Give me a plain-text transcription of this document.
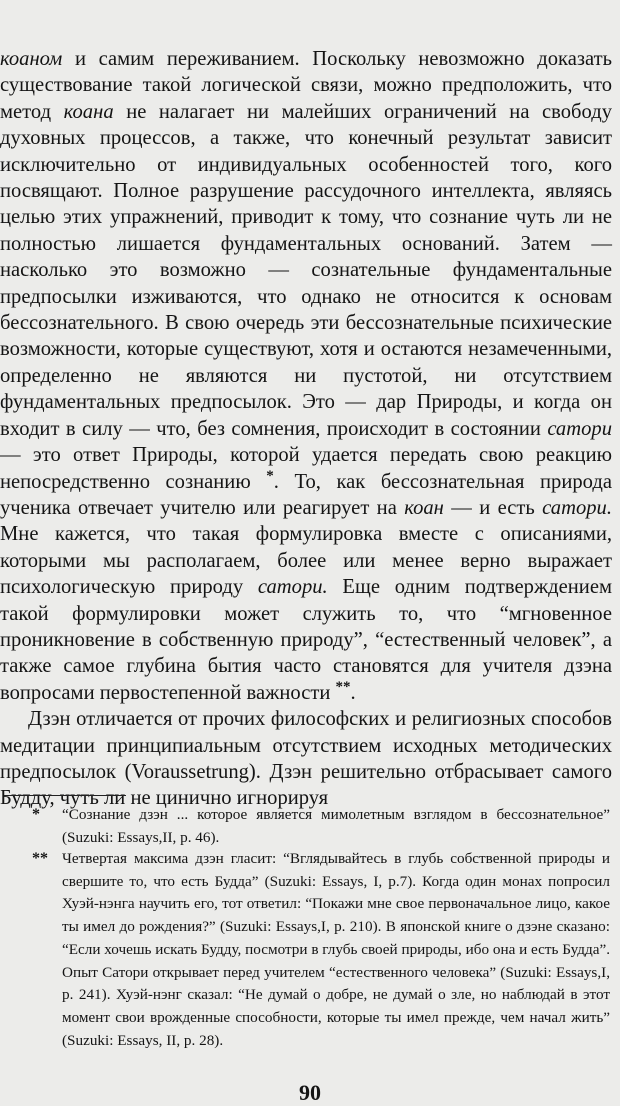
коаном и самим переживанием. Поскольку невозможно доказать существование такой логической связи, можно предположить, что метод коана не налагает ни малейших ограничений на свободу духовных процессов, а также, что конечный результат зависит исключительно от индивидуальных особенностей того, кого посвящают. Полное разрушение рассудочного интеллекта, являясь целью этих упражнений, приводит к тому, что сознание чуть ли не полностью лишается фундаментальных оснований. Затем — насколько это возможно — сознательные фундаментальные предпосылки изживаются, что однако не относится к основам бессознательного. В свою очередь эти бессознательные психические возможности, которые существуют, хотя и остаются незамеченными, определенно не являются ни пустотой, ни отсутствием фундаментальных предпосылок. Это — дар Природы, и когда он входит в силу — что, без сомнения, происходит в состоянии сатори — это ответ Природы, которой удается передать свою реакцию непосредственно сознанию *. То, как бессознательная природа ученика отвечает учителю или реагирует на коан — и есть сатори. Мне кажется, что такая формулировка вместе с описаниями, которыми мы располагаем, более или менее верно выражает психологическую природу сатори. Еще одним подтверждением такой формулировки может служить то, что “мгновенное проникновение в собственную природу”, “естественный человек”, а также самое глубина бытия часто становятся для учителя дзэна вопросами первостепенной важности **.

Дзэн отличается от прочих философских и религиозных способов медитации принципиальным отсутствием исходных методических предпосылок (Voraussetrung). Дзэн решительно отбрасывает самого Будду, чуть ли не цинично игнорируя

* “Сознание дзэн ... которое является мимолетным взглядом в бессознательное” (Suzuki: Essays,II, p. 46).
** Четвертая максима дзэн гласит: “Вглядывайтесь в глубь собственной природы и свершите то, что есть Будда” (Suzuki: Essays, I, p.7). Когда один монах попросил Хуэй-нэнга научить его, тот ответил: “Покажи мне свое первоначальное лицо, какое ты имел до рождения?” (Suzuki: Essays,I, p. 210). В японской книге о дзэне сказано: “Если хочешь искать Будду, посмотри в глубь своей природы, ибо она и есть Будда”. Опыт Сатори открывает перед учителем “естественного человека” (Suzuki: Essays,I, p. 241). Хуэй-нэнг сказал: “Не думай о добре, не думай о зле, но наблюдай в этот момент свои врожденные способности, которые ты имел прежде, чем начал жить” (Suzuki: Essays, II, p. 28).
90
